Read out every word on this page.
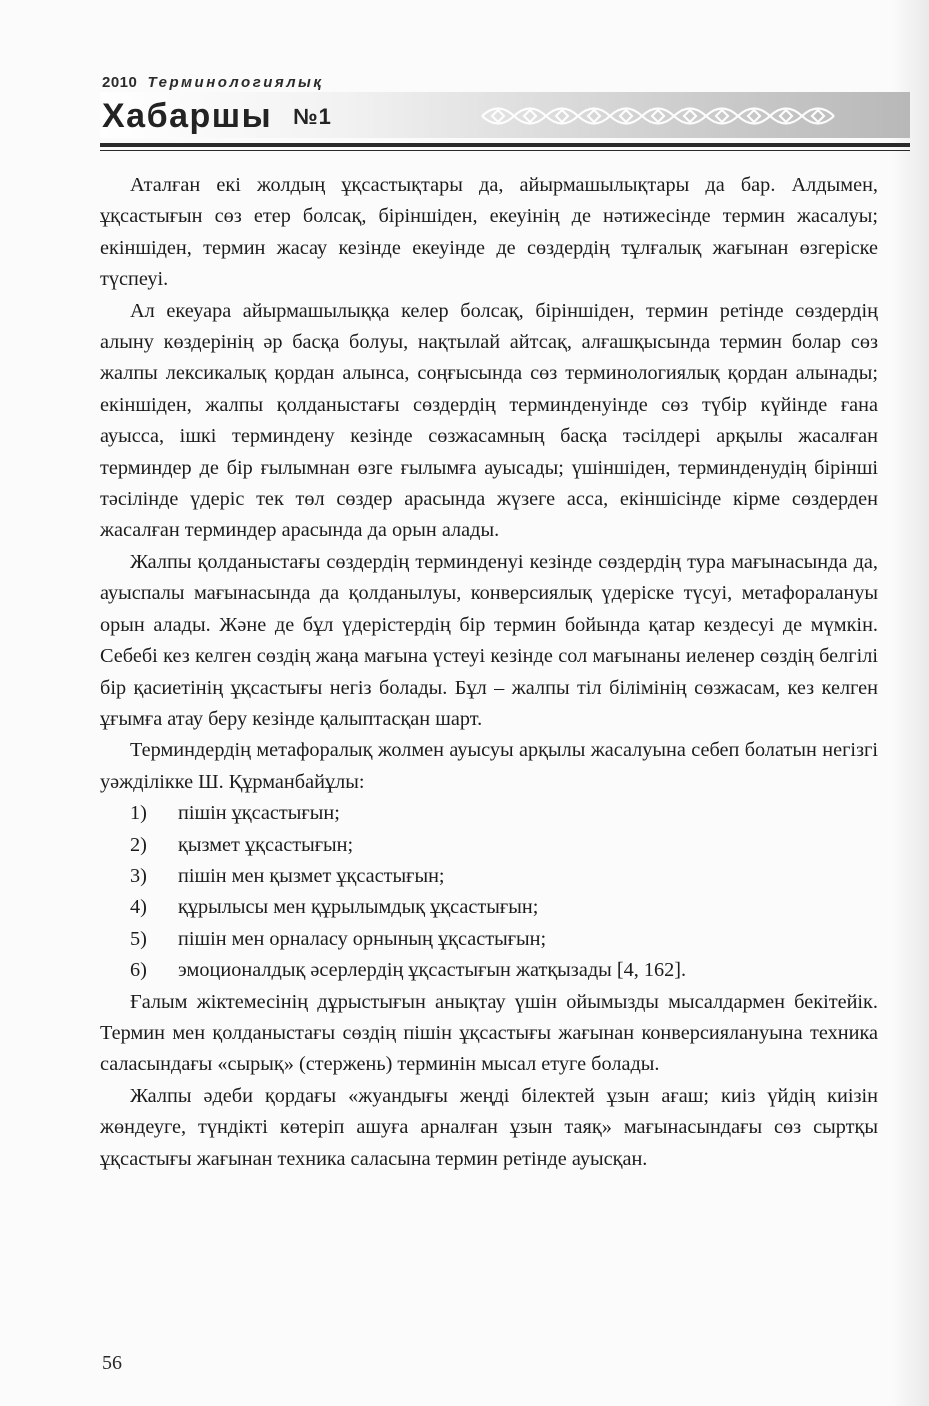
2010 Терминологиялық
Хабаршы №1

Аталған екі жолдың ұқсастықтары да, айырмашылықтары да бар. Алдымен, ұқсастығын сөз етер болсақ, біріншіден, екеуінің де нәтижесінде термин жасалуы; екіншіден, термин жасау кезінде екеуінде де сөздердің тұлғалық жағынан өзгеріске түспеуі.

Ал екеуара айырмашылыққа келер болсақ, біріншіден, термин ретінде сөздердің алыну көздерінің әр басқа болуы, нақтылай айтсақ, алғашқысында термин болар сөз жалпы лексикалық қордан алынса, соңғысында сөз терминологиялық қордан алынады; екіншіден, жалпы қолданыстағы сөздердің терминденуінде сөз түбір күйінде ғана ауысса, ішкі терминдену кезінде сөзжасамның басқа тәсілдері арқылы жасалған терминдер де бір ғылымнан өзге ғылымға ауысады; үшіншіден, терминденудің бірінші тәсілінде үдеріс тек төл сөздер арасында жүзеге асса, екіншісінде кірме сөздерден жасалған терминдер арасында да орын алады.

Жалпы қолданыстағы сөздердің терминденуі кезінде сөздердің тура мағынасында да, ауыспалы мағынасында да қолданылуы, конверсиялық үдеріске түсуі, метафоралануы орын алады. Және де бұл үдерістердің бір термин бойында қатар кездесуі де мүмкін. Себебі кез келген сөздің жаңа мағына үстеуі кезінде сол мағынаны иеленер сөздің белгілі бір қасиетінің ұқсастығы негіз болады. Бұл – жалпы тіл білімінің сөзжасам, кез келген ұғымға атау беру кезінде қалыптасқан шарт.

Терминдердің метафоралық жолмен ауысуы арқылы жасалуына себеп болатын негізгі уәжділікке Ш. Құрманбайұлы:

1)	пішін ұқсастығын;
2)	қызмет ұқсастығын;
3)	пішін мен қызмет ұқсастығын;
4)	құрылысы мен құрылымдық ұқсастығын;
5)	пішін мен орналасу орнының ұқсастығын;
6)	эмоционалдық әсерлердің ұқсастығын жатқызады [4, 162].

Ғалым жіктемесінің дұрыстығын анықтау үшін ойымызды мысалдармен бекітейік. Термин мен қолданыстағы сөздің пішін ұқсастығы жағынан конверсиялануына техника саласындағы «сырық» (стержень) терминін мысал етуге болады.

Жалпы әдеби қордағы «жуандығы жеңді білектей ұзын ағаш; киіз үйдің киізін жөндеуге, түндікті көтеріп ашуға арналған ұзын таяқ» мағынасындағы сөз сыртқы ұқсастығы жағынан техника саласына термин ретінде ауысқан.

56
